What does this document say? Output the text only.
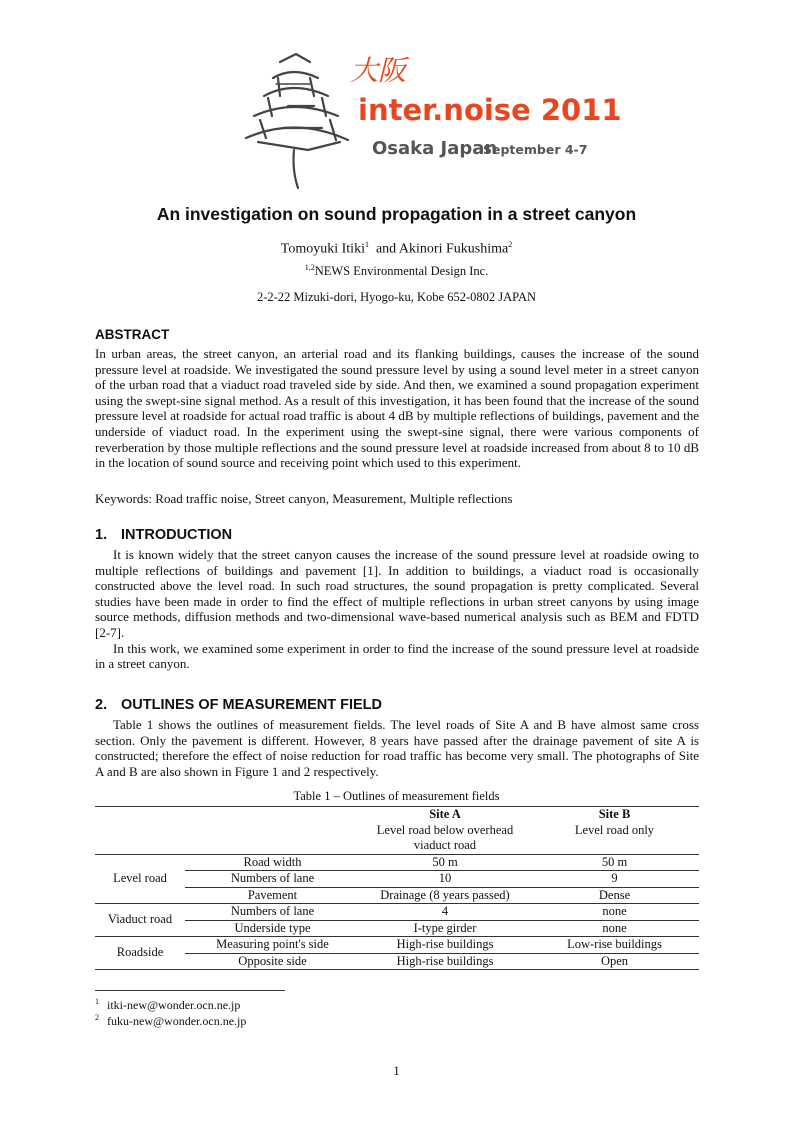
大阪
inter.noise 2011
Osaka Japan
September 4-7
An investigation on sound propagation in a street canyon
Tomoyuki Itiki$^1$  and Akinori Fukushima$^2$
$^{1,2}$NEWS Environmental Design Inc.
2-2-22 Mizuki-dori, Hyogo-ku, Kobe 652-0802 JAPAN
ABSTRACT

In urban areas, the street canyon, an arterial road and its flanking buildings, causes the increase of the sound pressure level at roadside. We investigated the sound pressure level by using a sound level meter in a street canyon of the urban road that a viaduct road traveled side by side. And then, we examined a sound propagation experiment using the swept-sine signal method. As a result of this investigation, it has been found that the increase of the sound pressure level at roadside for actual road traffic is about 4 dB by multiple reflections of buildings, pavement and the underside of viaduct road. In the experiment using the swept-sine signal, there were various components of reverberation by those multiple reflections and the sound pressure level at roadside increased from about 8 to 10 dB in the location of sound source and receiving point which used to this experiment.

Keywords: Road traffic noise, Street canyon, Measurement, Multiple reflections
1. INTRODUCTION

It is known widely that the street canyon causes the increase of the sound pressure level at roadside owing to multiple reflections of buildings and pavement [1]. In addition to buildings, a viaduct road is occasionally constructed above the level road. In such road structures, the sound propagation is pretty complicated. Several studies have been made in order to find the effect of multiple reflections in urban street canyons by using image source methods, diffusion methods and two-dimensional wave-based numerical analysis such as BEM and FDTD [2-7].

In this work, we examined some experiment in order to find the increase of the sound pressure level at roadside in a street canyon.

2. OUTLINES OF MEASUREMENT FIELD

Table 1 shows the outlines of measurement fields. The level roads of Site A and B have almost same cross section. Only the pavement is different. However, 8 years have passed after the drainage pavement of site A is constructed; therefore the effect of noise reduction for road traffic has become very small. The photographs of Site A and B are also shown in Figure 1 and 2 respectively.

Table 1 – Outlines of measurement fields
		Site A	Site B
		Level road below overhead	Level road only
		viaduct road	
Level road	Road width	50 m	50 m
	Numbers of lane	10	9
	Pavement	Drainage (8 years passed)	Dense
Viaduct road	Numbers of lane	4	none
	Underside type	I-type girder	none
Roadside	Measuring point's side	High-rise buildings	Low-rise buildings
	Opposite side	High-rise buildings	Open
1 itki-new@wonder.ocn.ne.jp
2 fuku-new@wonder.ocn.ne.jp
1
